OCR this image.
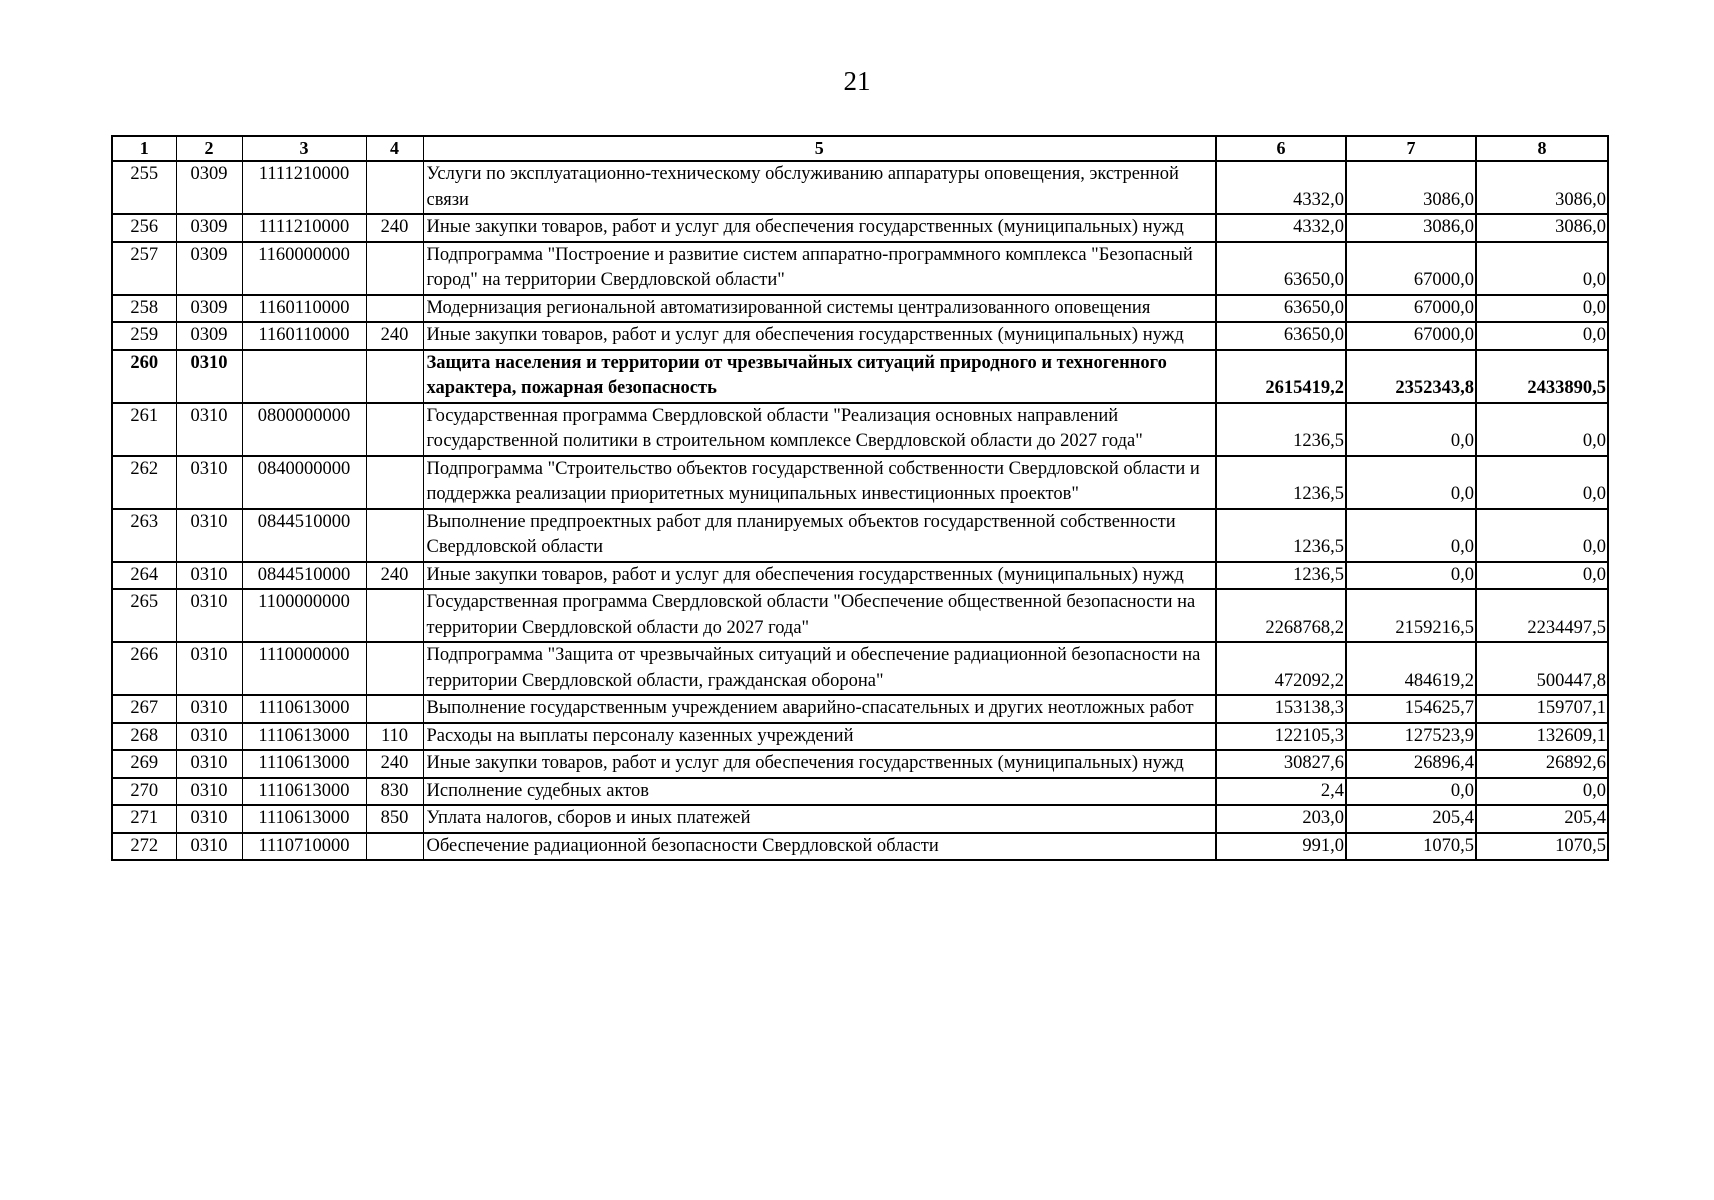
21
1	2	3	4	5	6	7	8
255	0309	1111210000		Услуги по эксплуатационно-техническому обслуживанию аппаратуры оповещения, экстренной связи	4332,0	3086,0	3086,0
256	0309	1111210000	240	Иные закупки товаров, работ и услуг для обеспечения государственных (муниципальных) нужд	4332,0	3086,0	3086,0
257	0309	1160000000		Подпрограмма "Построение и развитие систем аппаратно-программного комплекса "Безопасный город" на территории Свердловской области"	63650,0	67000,0	0,0
258	0309	1160110000		Модернизация региональной автоматизированной системы централизованного оповещения	63650,0	67000,0	0,0
259	0309	1160110000	240	Иные закупки товаров, работ и услуг для обеспечения государственных (муниципальных) нужд	63650,0	67000,0	0,0
260	0310			Защита населения и территории от чрезвычайных ситуаций природного и техногенного характера, пожарная безопасность	2615419,2	2352343,8	2433890,5
261	0310	0800000000		Государственная программа Свердловской области "Реализация основных направлений государственной политики в строительном комплексе Свердловской области до 2027 года"	1236,5	0,0	0,0
262	0310	0840000000		Подпрограмма "Строительство объектов государственной собственности Свердловской области и поддержка реализации приоритетных муниципальных инвестиционных проектов"	1236,5	0,0	0,0
263	0310	0844510000		Выполнение предпроектных работ для планируемых объектов государственной собственности Свердловской области	1236,5	0,0	0,0
264	0310	0844510000	240	Иные закупки товаров, работ и услуг для обеспечения государственных (муниципальных) нужд	1236,5	0,0	0,0
265	0310	1100000000		Государственная программа Свердловской области "Обеспечение общественной безопасности на территории Свердловской области до 2027 года"	2268768,2	2159216,5	2234497,5
266	0310	1110000000		Подпрограмма "Защита от чрезвычайных ситуаций и обеспечение радиационной безопасности на территории Свердловской области, гражданская оборона"	472092,2	484619,2	500447,8
267	0310	1110613000		Выполнение государственным учреждением аварийно-спасательных и других неотложных работ	153138,3	154625,7	159707,1
268	0310	1110613000	110	Расходы на выплаты персоналу казенных учреждений	122105,3	127523,9	132609,1
269	0310	1110613000	240	Иные закупки товаров, работ и услуг для обеспечения государственных (муниципальных) нужд	30827,6	26896,4	26892,6
270	0310	1110613000	830	Исполнение судебных актов	2,4	0,0	0,0
271	0310	1110613000	850	Уплата налогов, сборов и иных платежей	203,0	205,4	205,4
272	0310	1110710000		Обеспечение радиационной безопасности Свердловской области	991,0	1070,5	1070,5
